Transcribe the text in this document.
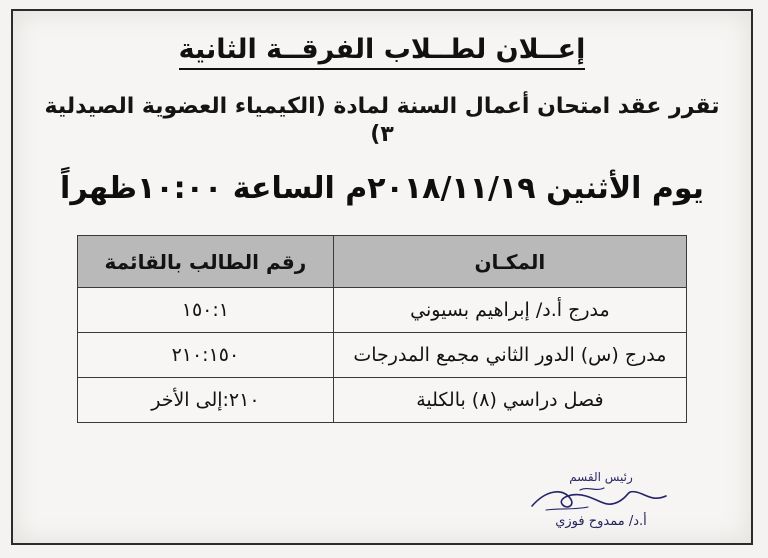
إعــلان لطــلاب الفرقــة الثانية
تقرر عقد امتحان أعمال السنة لمادة (الكيمياء العضوية الصيدلية ٣)
يوم الأثنين ٢٠١٨/١١/١٩م الساعة ١٠:٠٠ظهراً
المكـان	رقم الطالب بالقائمة
مدرج أ.د/ إبراهيم بسيوني	١٥٠:١
مدرج (س) الدور الثاني مجمع المدرجات	٢١٠:١٥٠
فصل دراسي (٨) بالكلية	٢١٠:إلى الأخر
رئيس القسم
أ.د/ ممدوح فوزي
